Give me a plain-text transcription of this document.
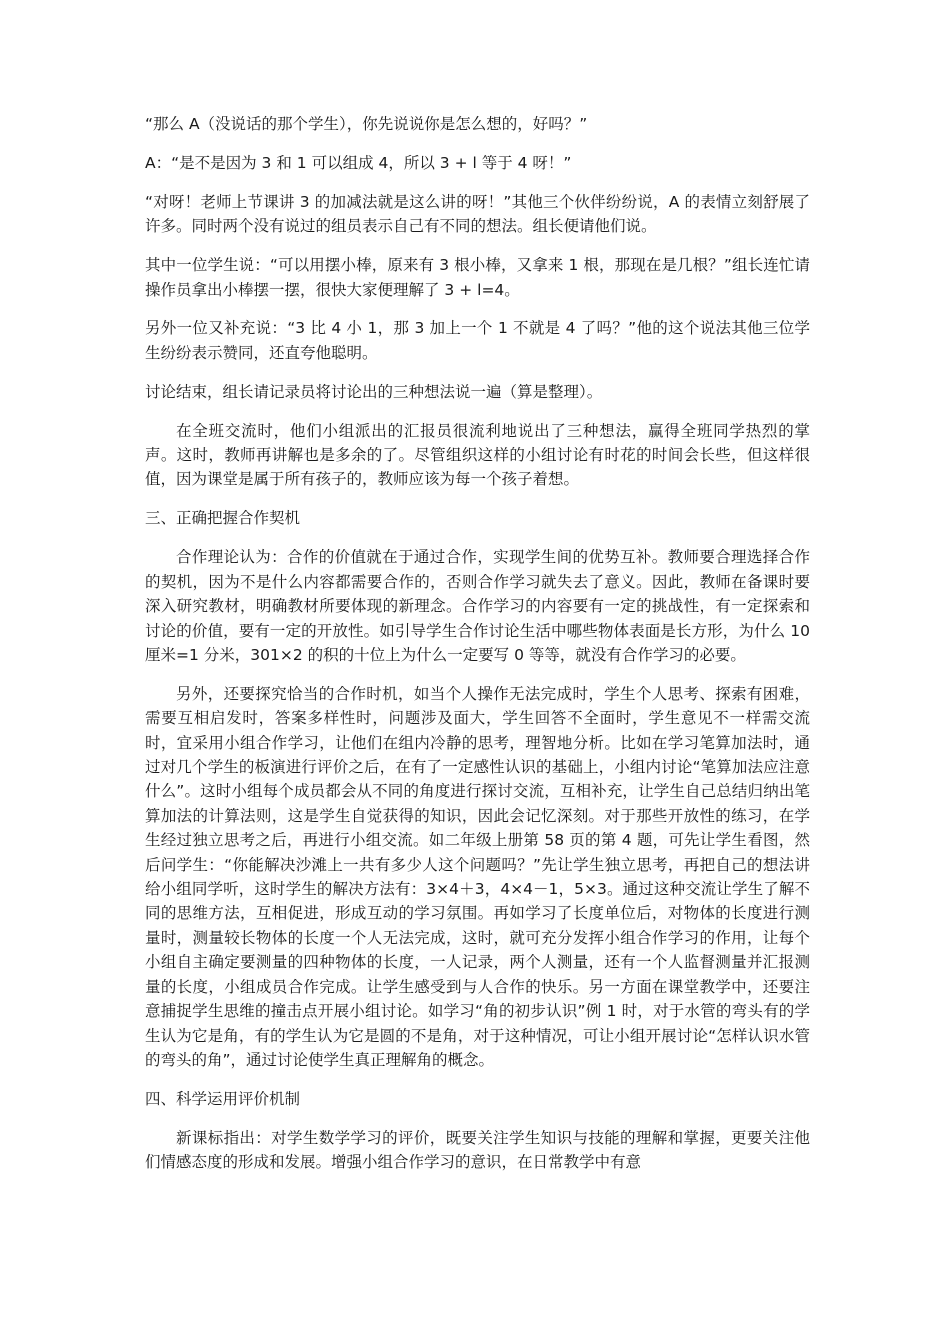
“那么 A（没说话的那个学生），你先说说你是怎么想的，好吗？”

A：“是不是因为 3 和 1 可以组成 4，所以 3 + l 等于 4 呀！”

“对呀！老师上节课讲 3 的加减法就是这么讲的呀！”其他三个伙伴纷纷说，A 的表情立刻舒展了许多。同时两个没有说过的组员表示自己有不同的想法。组长便请他们说。

其中一位学生说：“可以用摆小棒，原来有 3 根小棒，又拿来 1 根，那现在是几根？”组长连忙请操作员拿出小棒摆一摆，很快大家便理解了 3 + l=4。

另外一位又补充说：“3 比 4 小 1，那 3 加上一个 1 不就是 4 了吗？”他的这个说法其他三位学生纷纷表示赞同，还直夸他聪明。

讨论结束，组长请记录员将讨论出的三种想法说一遍（算是整理）。

在全班交流时，他们小组派出的汇报员很流利地说出了三种想法，赢得全班同学热烈的掌声。这时，教师再讲解也是多余的了。尽管组织这样的小组讨论有时花的时间会长些，但这样很值，因为课堂是属于所有孩子的，教师应该为每一个孩子着想。

三、正确把握合作契机

合作理论认为：合作的价值就在于通过合作，实现学生间的优势互补。教师要合理选择合作的契机，因为不是什么内容都需要合作的，否则合作学习就失去了意义。因此，教师在备课时要深入研究教材，明确教材所要体现的新理念。合作学习的内容要有一定的挑战性，有一定探索和讨论的价值，要有一定的开放性。如引导学生合作讨论生活中哪些物体表面是长方形，为什么 10 厘米=1 分米，301×2 的积的十位上为什么一定要写 0 等等，就没有合作学习的必要。

另外，还要探究恰当的合作时机，如当个人操作无法完成时，学生个人思考、探索有困难，需要互相启发时，答案多样性时，问题涉及面大，学生回答不全面时，学生意见不一样需交流时，宜采用小组合作学习，让他们在组内冷静的思考，理智地分析。比如在学习笔算加法时，通过对几个学生的板演进行评价之后，在有了一定感性认识的基础上，小组内讨论“笔算加法应注意什么”。这时小组每个成员都会从不同的角度进行探讨交流，互相补充，让学生自己总结归纳出笔算加法的计算法则，这是学生自觉获得的知识，因此会记忆深刻。对于那些开放性的练习，在学生经过独立思考之后，再进行小组交流。如二年级上册第 58 页的第 4 题，可先让学生看图，然后问学生：“你能解决沙滩上一共有多少人这个问题吗？”先让学生独立思考，再把自己的想法讲给小组同学听，这时学生的解决方法有：3×4＋3，4×4－1，5×3。通过这种交流让学生了解不同的思维方法，互相促进，形成互动的学习氛围。再如学习了长度单位后，对物体的长度进行测量时，测量较长物体的长度一个人无法完成，这时，就可充分发挥小组合作学习的作用，让每个小组自主确定要测量的四种物体的长度，一人记录，两个人测量，还有一个人监督测量并汇报测量的长度，小组成员合作完成。让学生感受到与人合作的快乐。另一方面在课堂教学中，还要注意捕捉学生思维的撞击点开展小组讨论。如学习“角的初步认识”例 1 时，对于水管的弯头有的学生认为它是角，有的学生认为它是圆的不是角，对于这种情况，可让小组开展讨论“怎样认识水管的弯头的角”，通过讨论使学生真正理解角的概念。

四、科学运用评价机制

新课标指出：对学生数学学习的评价，既要关注学生知识与技能的理解和掌握，更要关注他们情感态度的形成和发展。增强小组合作学习的意识，在日常教学中有意
